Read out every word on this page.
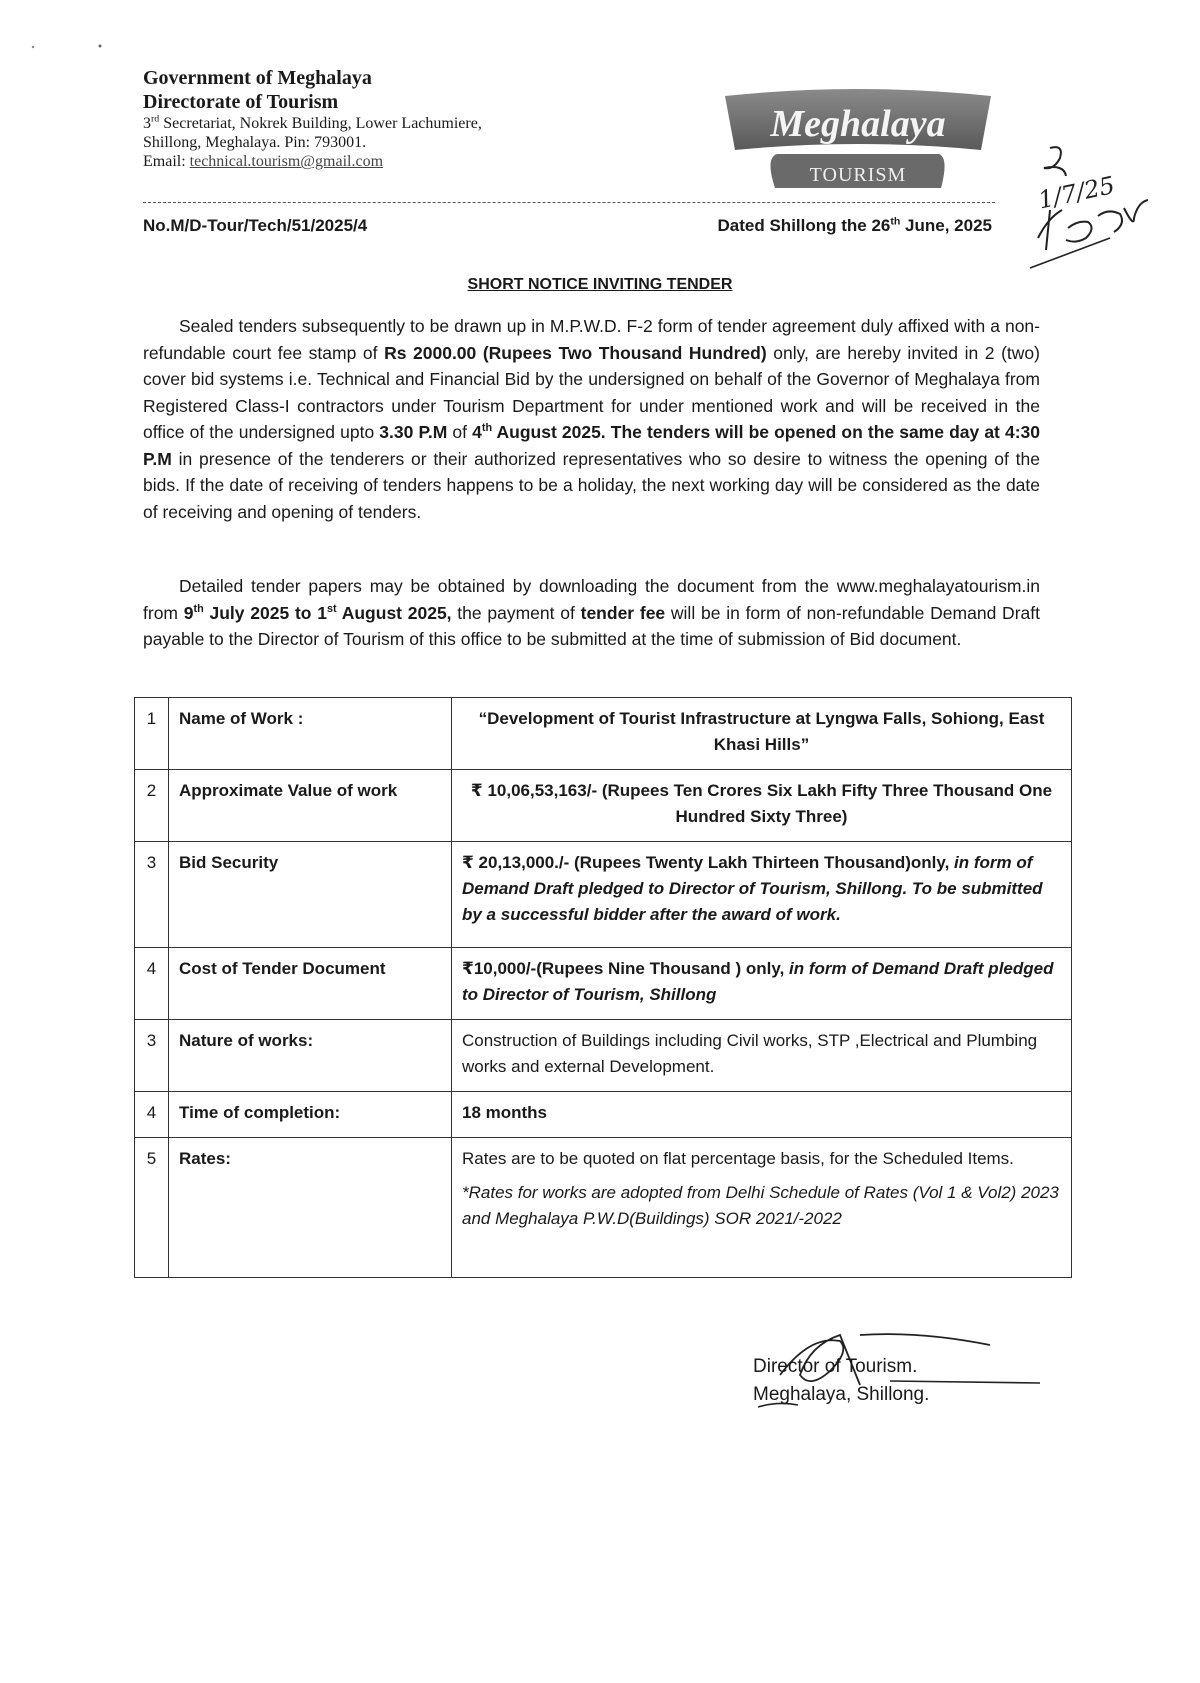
Government of Meghalaya
Directorate of Tourism
3rd Secretariat, Nokrek Building, Lower Lachumiere,
Shillong, Meghalaya. Pin: 793001.
Email: technical.tourism@gmail.com
Meghalaya
TOURISM	1/7/25
No.M/D-Tour/Tech/51/2025/4	Dated Shillong the 26th June, 2025
SHORT NOTICE INVITING TENDER
Sealed tenders subsequently to be drawn up in M.P.W.D. F-2 form of tender agreement duly affixed with a non-refundable court fee stamp of Rs 2000.00 (Rupees Two Thousand Hundred) only, are hereby invited in 2 (two) cover bid systems i.e. Technical and Financial Bid by the undersigned on behalf of the Governor of Meghalaya from Registered Class-I contractors under Tourism Department for under mentioned work and will be received in the office of the undersigned upto 3.30 P.M of 4th August 2025. The tenders will be opened on the same day at 4:30 P.M in presence of the tenderers or their authorized representatives who so desire to witness the opening of the bids. If the date of receiving of tenders happens to be a holiday, the next working day will be considered as the date of receiving and opening of tenders.
Detailed tender papers may be obtained by downloading the document from the www.meghalayatourism.in from 9th July 2025 to 1st August 2025, the payment of tender fee will be in form of non-refundable Demand Draft payable to the Director of Tourism of this office to be submitted at the time of submission of Bid document.
1	Name of Work :	“Development of Tourist Infrastructure at Lyngwa Falls, Sohiong, East Khasi Hills”
2	Approximate Value of work	₹ 10,06,53,163/- (Rupees Ten Crores Six Lakh Fifty Three Thousand One Hundred Sixty Three)
3	Bid Security	₹ 20,13,000./- (Rupees Twenty Lakh Thirteen Thousand)only, in form of Demand Draft pledged to Director of Tourism, Shillong. To be submitted by a successful bidder after the award of work.
4	Cost of Tender Document	₹10,000/-(Rupees Nine Thousand ) only, in form of Demand Draft pledged to Director of Tourism, Shillong
3	Nature of works:	Construction of Buildings including Civil works, STP ,Electrical and Plumbing works and external Development.
4	Time of completion:	18 months
5	Rates:	Rates are to be quoted on flat percentage basis, for the Scheduled Items.
*Rates for works are adopted from Delhi Schedule of Rates (Vol 1 & Vol2) 2023 and Meghalaya P.W.D(Buildings) SOR 2021/-2022
Director of Tourism.
Meghalaya, Shillong.
